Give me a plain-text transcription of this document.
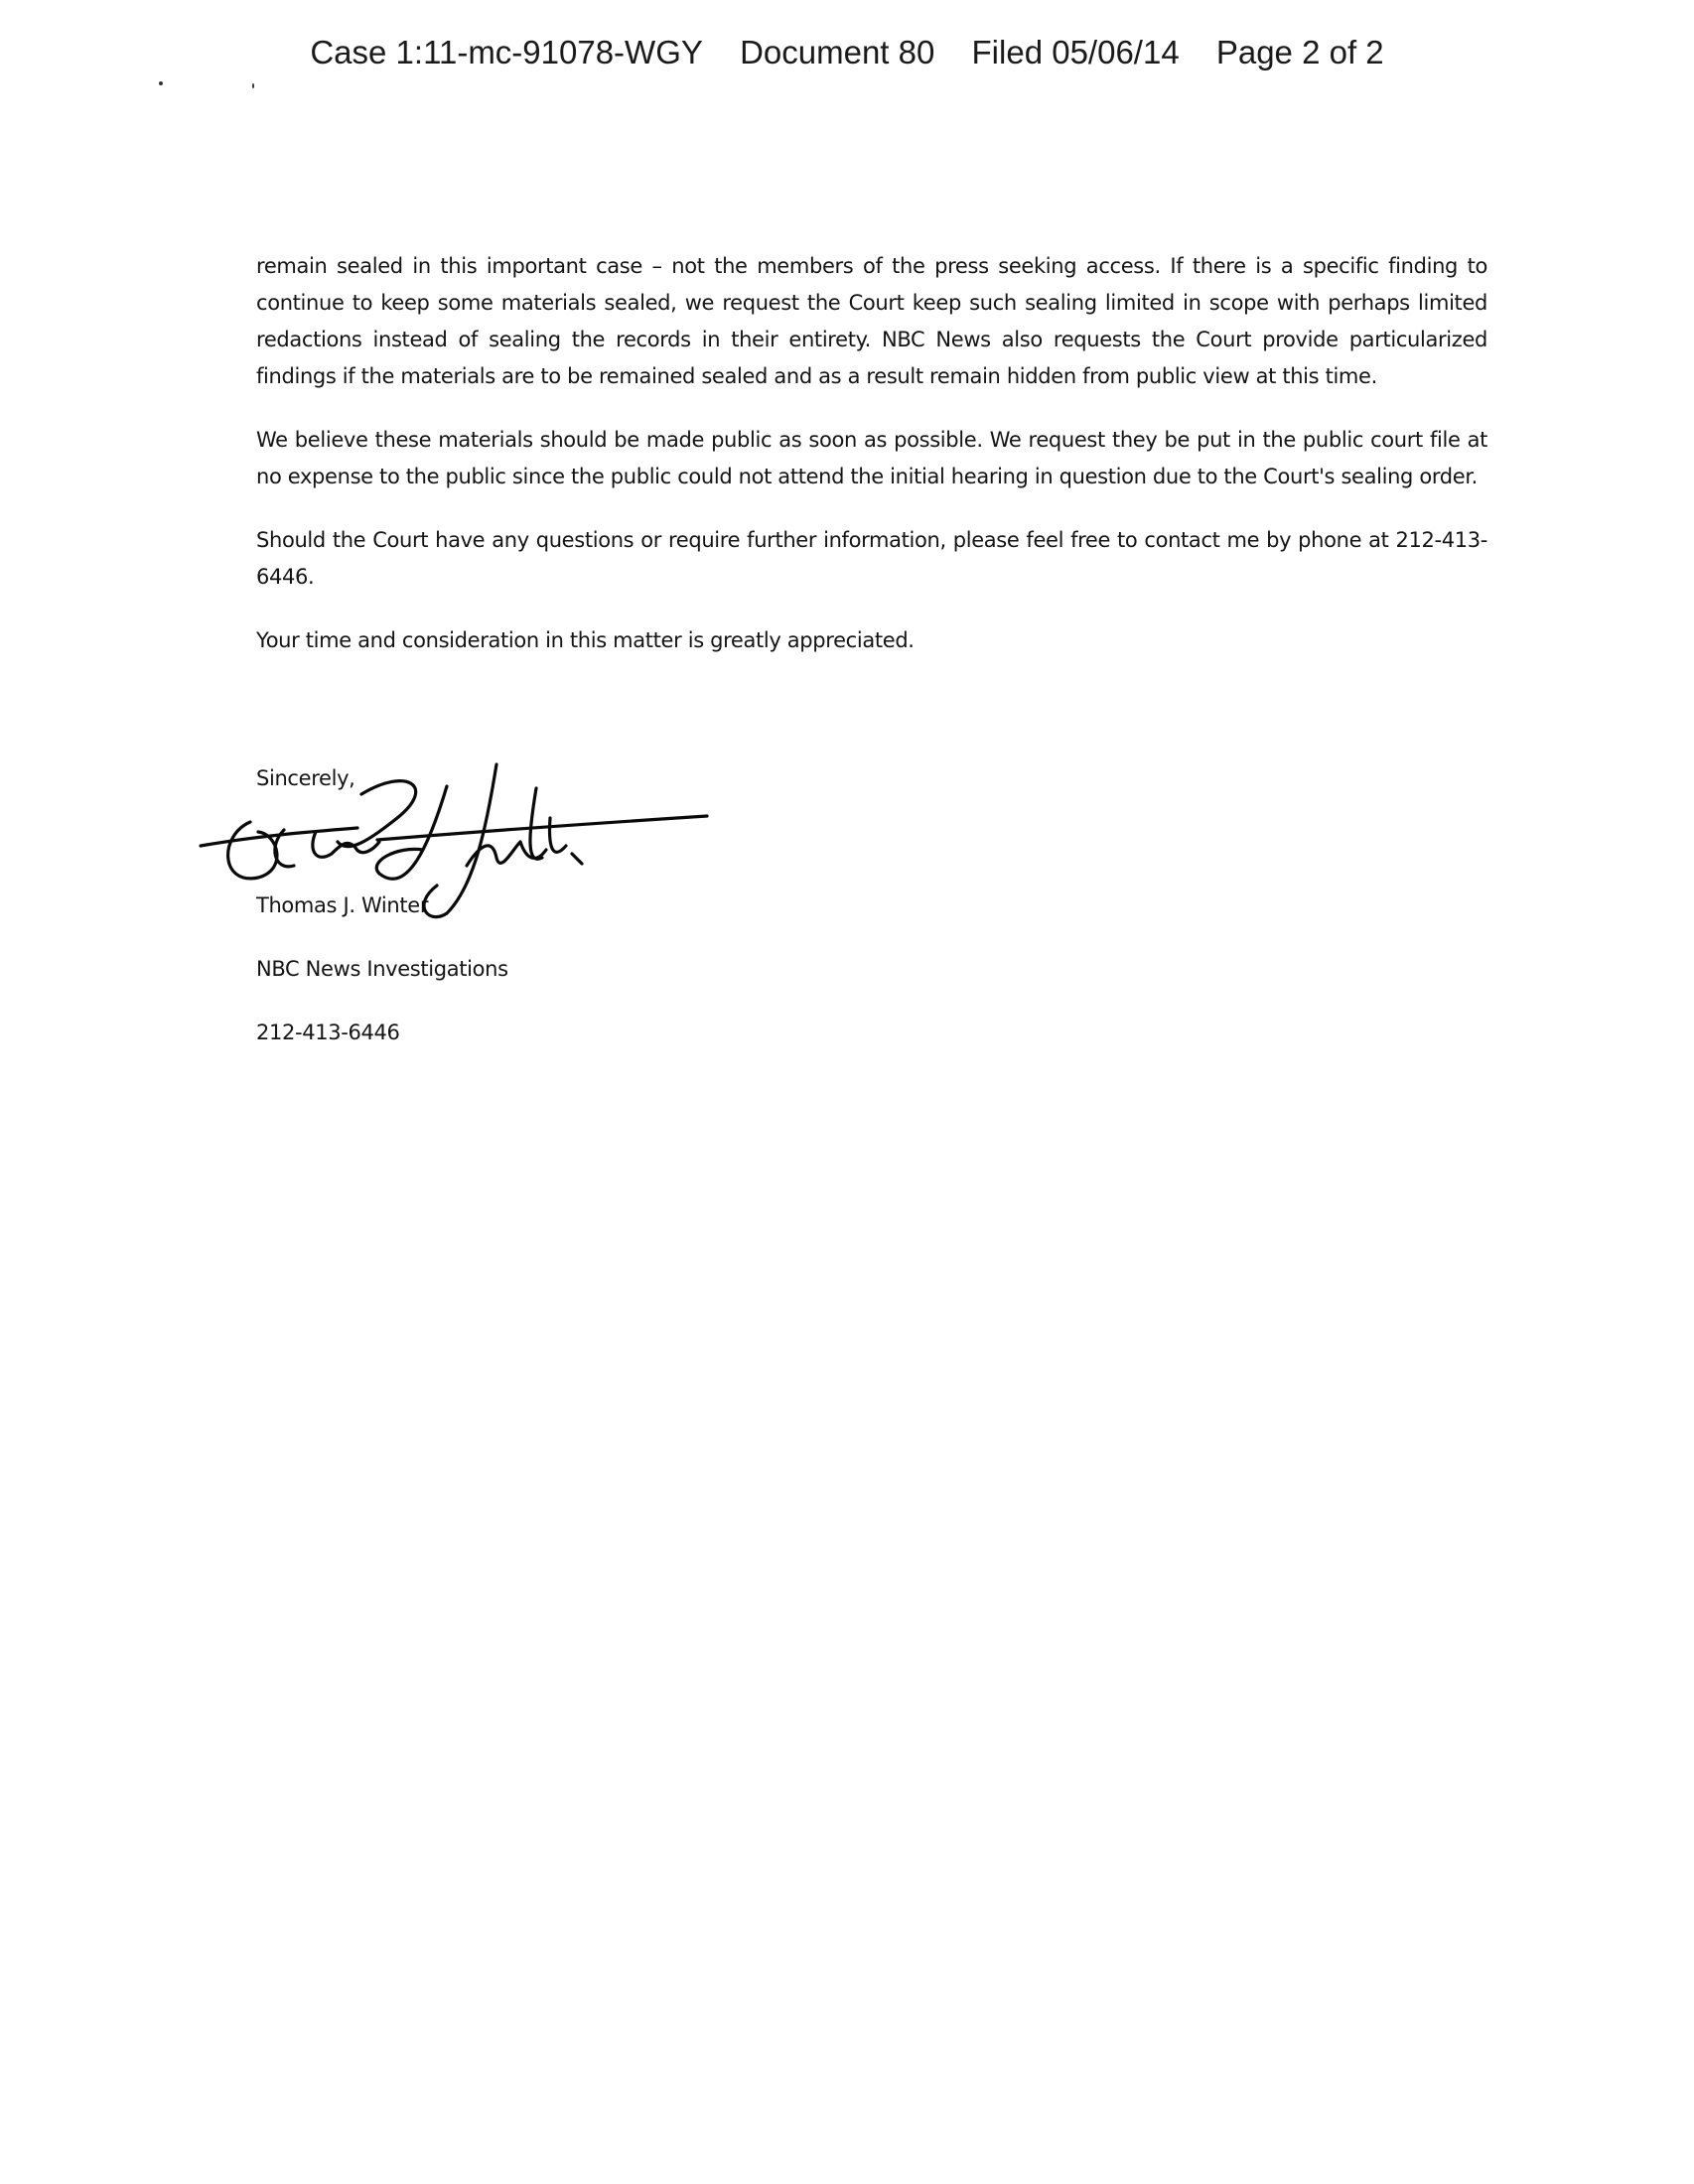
Case 1:11-mc-91078-WGY Document 80 Filed 05/06/14 Page 2 of 2

remain sealed in this important case – not the members of the press seeking access. If there is a specific finding to continue to keep some materials sealed, we request the Court keep such sealing limited in scope with perhaps limited redactions instead of sealing the records in their entirety. NBC News also requests the Court provide particularized findings if the materials are to be remained sealed and as a result remain hidden from public view at this time.

We believe these materials should be made public as soon as possible. We request they be put in the public court file at no expense to the public since the public could not attend the initial hearing in question due to the Court's sealing order.

Should the Court have any questions or require further information, please feel free to contact me by phone at 212-413-6446.

Your time and consideration in this matter is greatly appreciated.

Sincerely,
Thomas J. Winter
NBC News Investigations
212-413-6446
